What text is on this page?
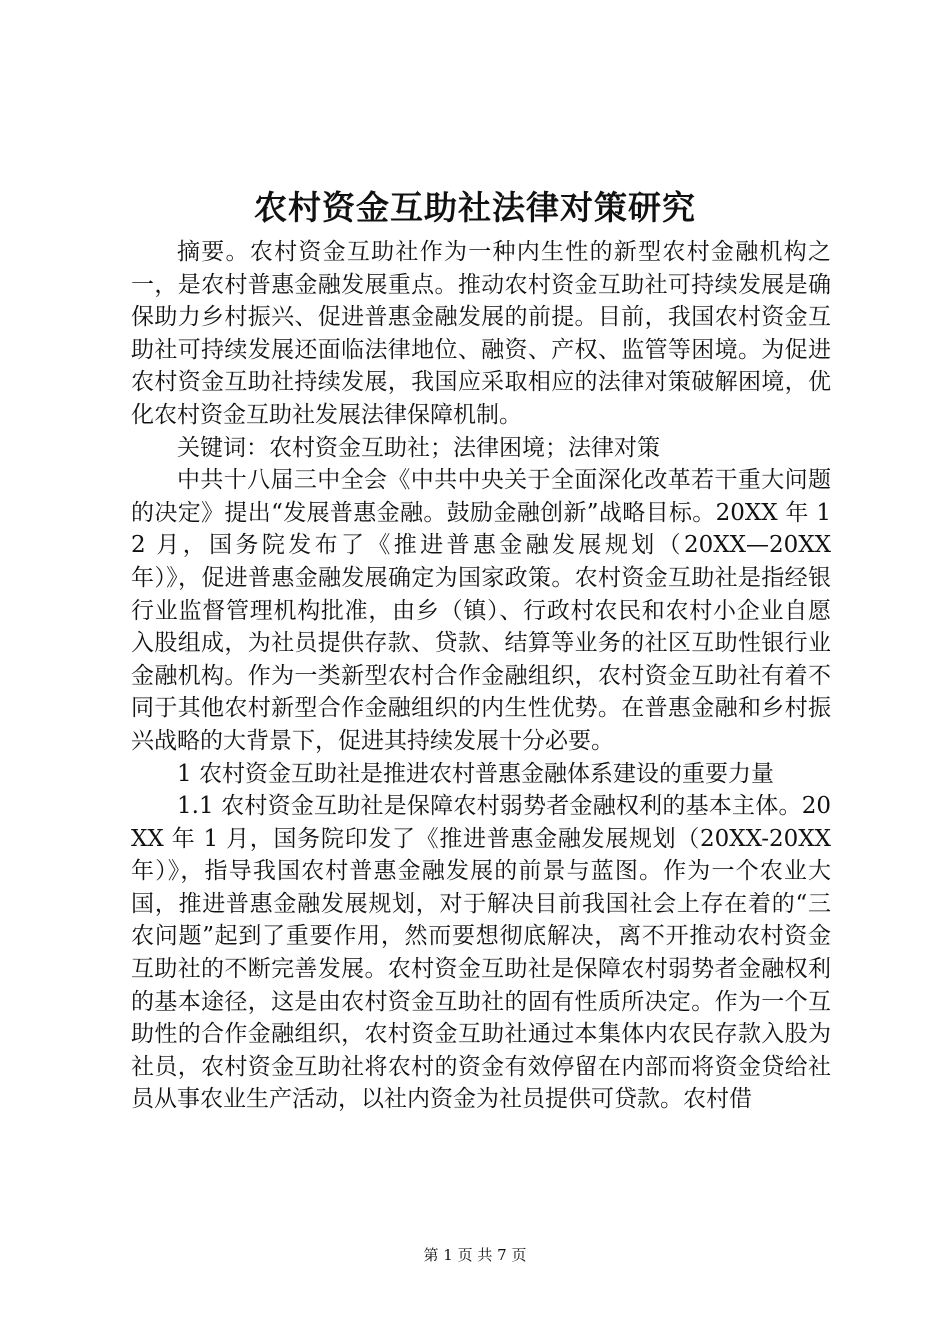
农村资金互助社法律对策研究

摘要。农村资金互助社作为一种内生性的新型农村金融机构之一，是农村普惠金融发展重点。推动农村资金互助社可持续发展是确保助力乡村振兴、促进普惠金融发展的前提。目前，我国农村资金互助社可持续发展还面临法律地位、融资、产权、监管等困境。为促进农村资金互助社持续发展，我国应采取相应的法律对策破解困境，优化农村资金互助社发展法律保障机制。

关键词：农村资金互助社；法律困境；法律对策

中共十八届三中全会《中共中央关于全面深化改革若干重大问题的决定》提出“发展普惠金融。鼓励金融创新”战略目标。20XX 年 12 月，国务院发布了《推进普惠金融发展规划（20XX—20XX 年）》，促进普惠金融发展确定为国家政策。农村资金互助社是指经银行业监督管理机构批准，由乡（镇）、行政村农民和农村小企业自愿入股组成，为社员提供存款、贷款、结算等业务的社区互助性银行业金融机构。作为一类新型农村合作金融组织，农村资金互助社有着不同于其他农村新型合作金融组织的内生性优势。在普惠金融和乡村振兴战略的大背景下，促进其持续发展十分必要。

1 农村资金互助社是推进农村普惠金融体系建设的重要力量

1.1 农村资金互助社是保障农村弱势者金融权利的基本主体。20XX 年 1 月，国务院印发了《推进普惠金融发展规划（20XX-20XX 年）》，指导我国农村普惠金融发展的前景与蓝图。作为一个农业大国，推进普惠金融发展规划，对于解决目前我国社会上存在着的“三农问题”起到了重要作用，然而要想彻底解决，离不开推动农村资金互助社的不断完善发展。农村资金互助社是保障农村弱势者金融权利的基本途径，这是由农村资金互助社的固有性质所决定。作为一个互助性的合作金融组织，农村资金互助社通过本集体内农民存款入股为社员，农村资金互助社将农村的资金有效停留在内部而将资金贷给社员从事农业生产活动，以社内资金为社员提供可贷款。农村借

第 1 页 共 7 页
